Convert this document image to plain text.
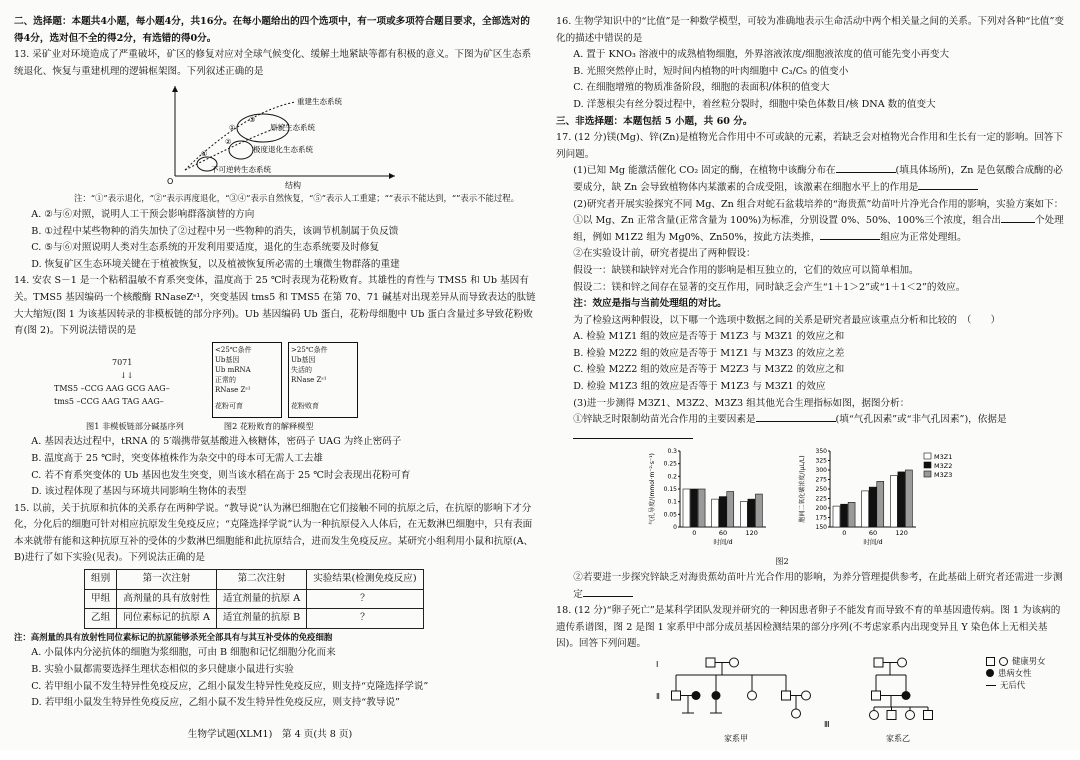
二、选择题：本题共4小题，每小题4分，共16分。在每小题给出的四个选项中，有一项或多项符合题目要求，全部选对的得4分，选对但不全的得2分，有选错的得0分。

13. 采矿业对环境造成了严重破坏，矿区的修复对应对全球气候变化、缓解土地紧缺等都有积极的意义。下图为矿区生态系统退化、恢复与重建机理的逻辑框架图。下列叙述正确的是

O	结构
重建生态系统
原貌生态系统
极度退化生态系统
不可逆转生态系统
①
②
③
④

注：“①”表示退化，“②”表示再度退化，“③④”表示自然恢复，“⑤”表示人工重建；“”表示不能达到，“”表示不能过程。

A. ②与⑥对照，说明人工干预会影响群落演替的方向

B. ①过程中某些物种的消失加快了②过程中另一些物种的消失，该调节机制属于负反馈

C. ⑤与⑥对照说明人类对生态系统的开发利用要适度，退化的生态系统要及时修复

D. 恢复矿区生态环境关键在于植被恢复，以及植被恢复所必需的土壤微生物群落的重建

14. 安农 S－1 是一个粘稻温敏不育系突变体，温度高于 25 ℃时表现为花粉败育。其雄性的育性与 TMS5 和 Ub 基因有关。TMS5 基因编码一个核酸酶 RNaseZˢ¹，突变基因 tms5 和 TMS5 在第 70、71 碱基对出现差异从而导致表达的肽链大大缩短(图 1 为该基因转录的非模板链的部分序列)。Ub 基因编码 Ub 蛋白，花粉母细胞中 Ub 蛋白含量过多导致花粉败育(图 2)。下列说法错误的是

7071
↓↓
TMS5 –CCG AAG GCG AAG–
tms5 –CCG AAG TAG AAG–
<25℃条件
Ub基因
Ub mRNA
正常的
RNase Zˢ¹
花粉可育
>25℃条件
Ub基因
失活的
RNase Zˢ¹
花粉败育
图1 非模板链部分碱基序列	图2 花粉败育的解释模型

A. 基因表达过程中，tRNA 的 5′端携带氨基酸进入核糖体，密码子 UAG 为终止密码子

B. 温度高于 25 ℃时，突变体植株作为杂交中的母本可无需人工去雄

C. 若不育系突变体的 Ub 基因也发生突变，则当该水稻在高于 25 ℃时会表现出花粉可育

D. 该过程体现了基因与环境共同影响生物体的表型

15. 以前，关于抗原和抗体的关系存在两种学说。“教导说”认为淋巴细胞在它们接触不同的抗原之后，在抗原的影响下才分化，分化后的细胞可针对相应抗原发生免疫反应；“克隆选择学说”认为一种抗原侵入人体后，在无数淋巴细胞中，只有表面本来就带有能和这种抗原互补的受体的少数淋巴细胞能和此抗原结合，进而发生免疫反应。某研究小组利用小鼠和抗原(A、B)进行了如下实验(见表)。下列说法正确的是

组别	第一次注射	第二次注射	实验结果(检测免疫反应)
甲组	高剂量的具有放射性	适宜剂量的抗原 A	？
乙组	同位素标记的抗原 A	适宜剂量的抗原 B	？

注：高剂量的具有放射性同位素标记的抗原能够杀死全部具有与其互补受体的免疫细胞

A. 小鼠体内分泌抗体的细胞为浆细胞，可由 B 细胞和记忆细胞分化而来

B. 实验小鼠都需要选择生理状态相似的多只健康小鼠进行实验

C. 若甲组小鼠不发生特异性免疫反应，乙组小鼠发生特异性免疫反应，则支持“克隆选择学说”

D. 若甲组小鼠发生特异性免疫反应，乙组小鼠不发生特异性免疫反应，则支持“教导说”

生物学试题(XLM1)　第 4 页(共 8 页)

16. 生物学知识中的“比值”是一种数学模型，可较为准确地表示生命活动中两个相关量之间的关系。下列对各种“比值”变化的描述中错误的是

A. 置于 KNO₃ 溶液中的成熟植物细胞，外界溶液浓度/细胞液浓度的值可能先变小再变大

B. 光照突然停止时，短时间内植物的叶肉细胞中 C₃/C₅ 的值变小

C. 在细胞增殖的物质准备阶段，细胞的表面积/体积的值变大

D. 洋葱根尖有丝分裂过程中，着丝粒分裂时，细胞中染色体数目/核 DNA 数的值变大

三、非选择题：本题包括 5 小题，共 60 分。

17. (12 分)镁(Mg)、锌(Zn)是植物光合作用中不可或缺的元素，若缺乏会对植物光合作用和生长有一定的影响。回答下列问题。

(1)已知 Mg 能激活催化 CO₂ 固定的酶，在植物中该酶分布在	(填具体场所)，Zn 是色氨酸合成酶的必要成分，缺 Zn 会导致植物体内某激素的合成受阻，该激素在细胞水平上的作用是

(2)研究者开展实验探究不同 Mg、Zn 组合对蛇石盆栽培养的“海贵蕉”幼苗叶片净光合作用的影响，实验方案如下：

①以 Mg、Zn 正常含量(正常含量为 100%)为标准，分别设置 0%、50%、100%三个浓度，组合出	个处理组，例如 M1Z2 组为 Mg0%、Zn50%，按此方法类推，	组应为正常处理组。

②在实验设计前，研究者提出了两种假设：

假设一：缺镁和缺锌对光合作用的影响是相互独立的，它们的效应可以简单相加。

假设二：镁和锌之间存在显著的交互作用，同时缺乏会产生“1＋1＞2”或“1＋1＜2”的效应。

注：效应是指与当前处理组的对比。

为了检验这两种假设，以下哪一个选项中数据之间的关系是研究者最应该重点分析和比较的　（　　）

A. 检验 M1Z1 组的效应是否等于 M1Z3 与 M3Z1 的效应之和

B. 检验 M2Z2 组的效应是否等于 M1Z1 与 M3Z3 的效应之差

C. 检验 M2Z2 组的效应是否等于 M2Z3 与 M3Z2 的效应之和

D. 检验 M1Z3 组的效应是否等于 M1Z3 与 M3Z1 的效应

(3)进一步测得 M3Z1、M3Z2、M3Z3 组其他光合生理指标如图，据图分析：

①锌缺乏时限制幼苗光合作用的主要因素是	(填“气孔因素”或“非气孔因素”)，依据是

0
0.05
0.1
0.15
0.2
0.25
0.3
气孔导度/(mmol·m⁻²·s⁻¹)
0	60	120
时间/d
150
175
200
225
250
275
300
325
350
胞间二氧化碳浓度/(μL/L)
0	60	120
时间/d
M3Z1
M3Z2
M3Z3
图2

②若要进一步探究锌缺乏对海贵蕉幼苗叶片光合作用的影响，为养分管理提供参考，在此基础上研究者还需进一步测定

18. (12 分)“卵子死亡”是某科学团队发现并研究的一种因患者卵子不能发育而导致不育的单基因遗传病。图 1 为该病的遗传系谱图，图 2 是图 1 家系甲中部分成员基因检测结果的部分序列(不考虑家系内出现变异且 Y 染色体上无相关基因)。回答下列问题。

Ⅰ
Ⅱ
家系甲
Ⅲ
家系乙
健康男女
患病女性
无后代
